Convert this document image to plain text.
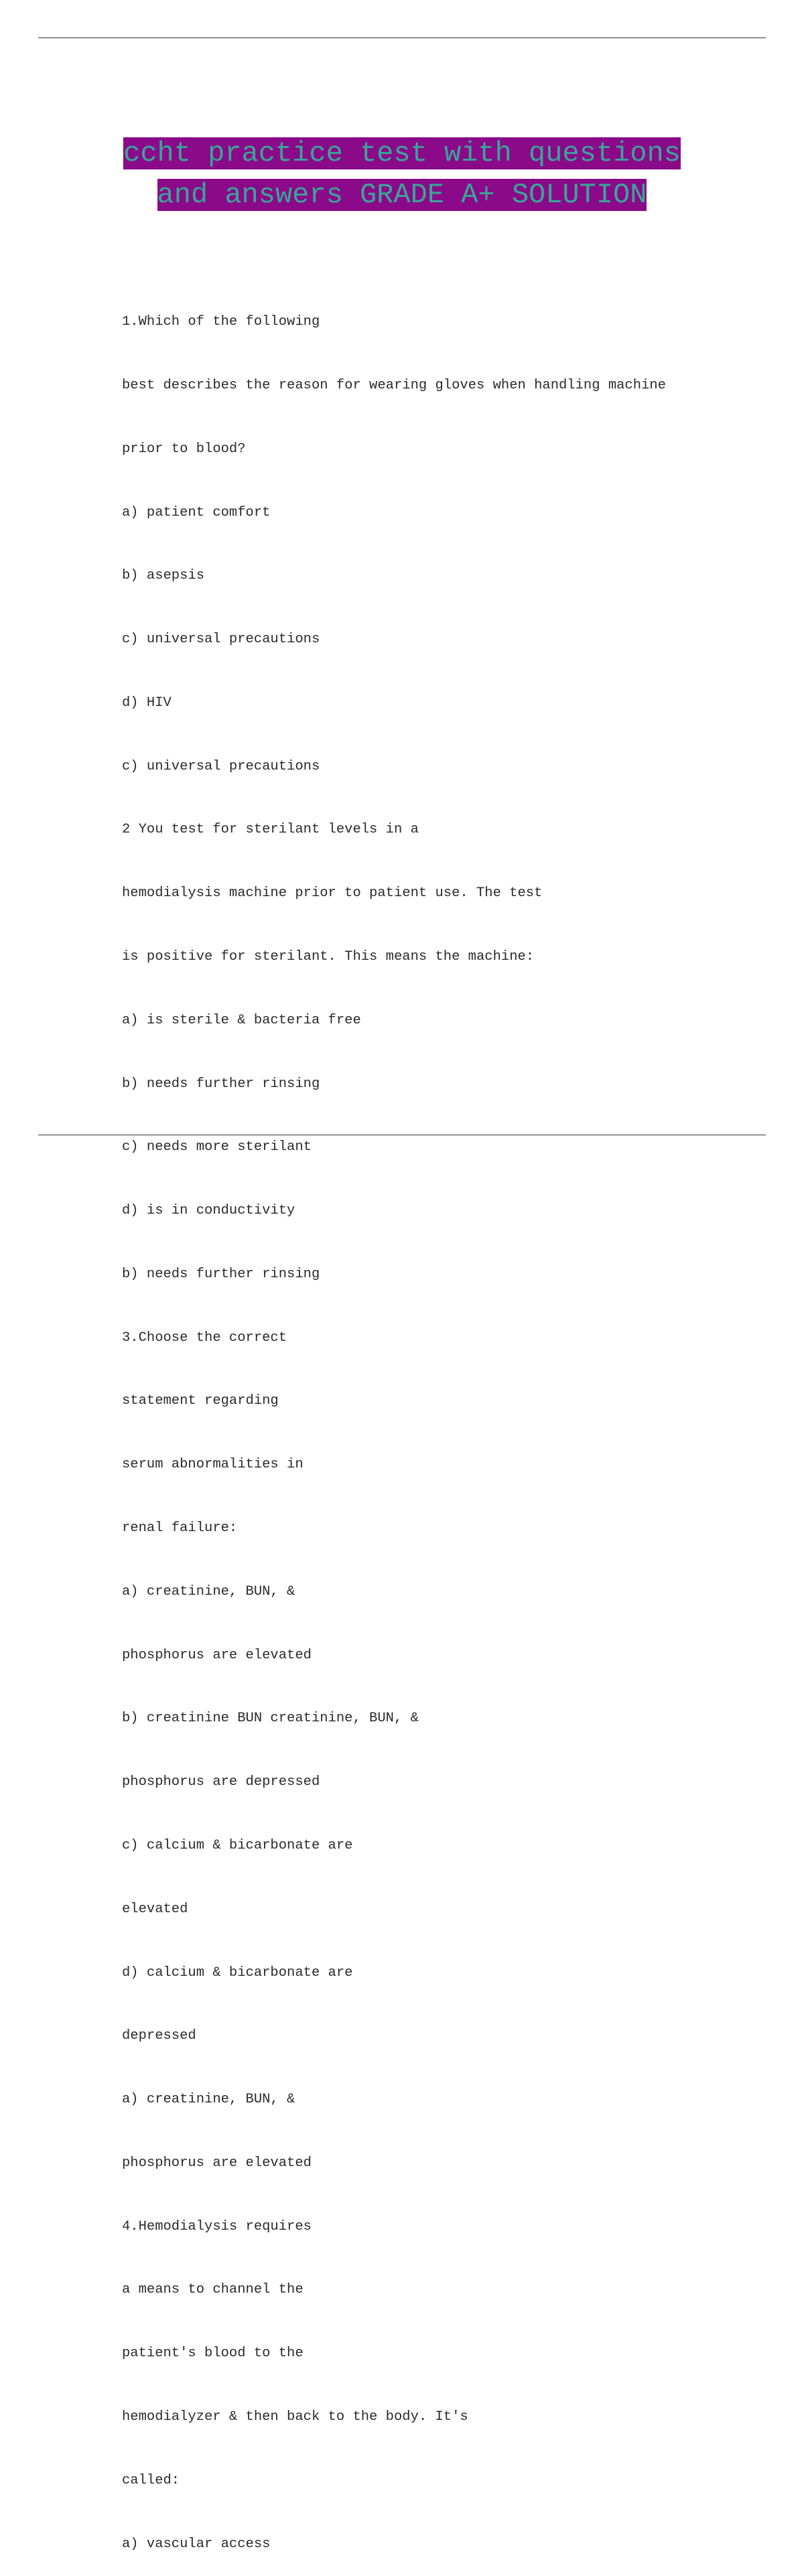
ccht practice test with questions
and answers GRADE A+ SOLUTION

1.Which of the following

best describes the reason for wearing gloves when handling machine

prior to blood?

a) patient comfort

b) asepsis

c) universal precautions

d) HIV

c) universal precautions

2 You test for sterilant levels in a

hemodialysis machine prior to patient use. The test

is positive for sterilant. This means the machine:

a) is sterile & bacteria free

b) needs further rinsing

c) needs more sterilant

d) is in conductivity

b) needs further rinsing

3.Choose the correct

statement regarding

serum abnormalities in

renal failure:

a) creatinine, BUN, &

phosphorus are elevated

b) creatinine BUN creatinine, BUN, &

phosphorus are depressed

c) calcium & bicarbonate are

elevated

d) calcium & bicarbonate are

depressed

a) creatinine, BUN, &

phosphorus are elevated

4.Hemodialysis requires

a means to channel the

patient's blood to the

hemodialyzer & then back to the body. It's

called:

a) vascular access
